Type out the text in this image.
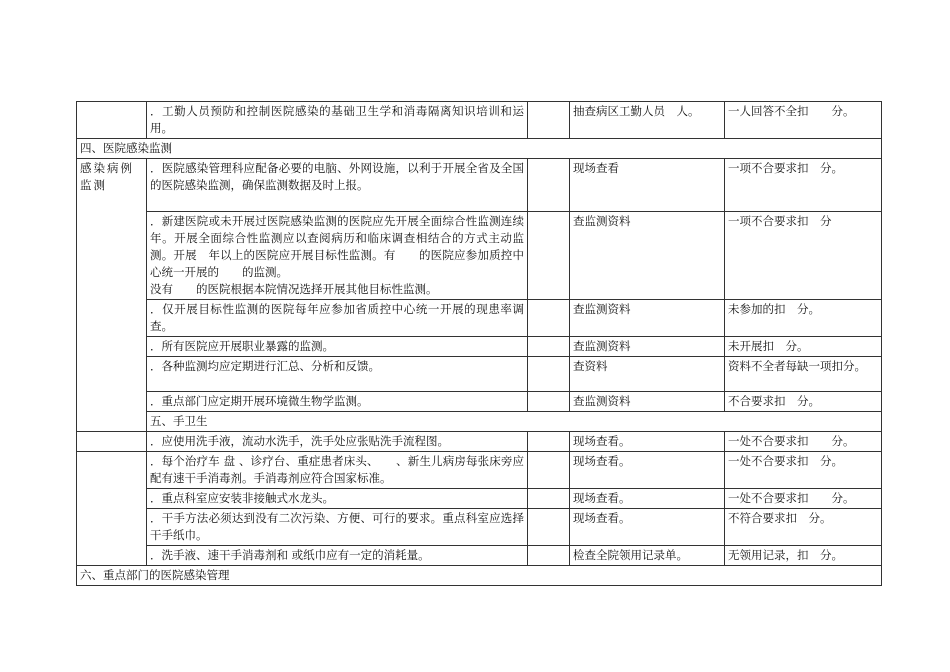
	．工勤人员预防和控制医院感染的基础卫生学和消毒隔离知识培训和运用。		抽查病区工勤人员　人。	一人回答不全扣　　分。
四、医院感染监测				
感染病例监测	．医院感染管理科应配备必要的电脑、外网设施，以利于开展全省及全国的医院感染监测，确保监测数据及时上报。		现场查看	一项不合要求扣　分。
	．新建医院或未开展过医院感染监测的医院应先开展全面综合性监测连续　年。开展全面综合性监测应以查阅病历和临床调查相结合的方式主动监测。开展　年以上的医院应开展目标性监测。有　　的医院应参加质控中心统一开展的　　的监测。
没有　　的医院根据本院情况选择开展其他目标性监测。		查监测资料	一项不合要求扣　分
	．仅开展目标性监测的医院每年应参加省质控中心统一开展的现患率调查。		查监测资料	未参加的扣　分。
	．所有医院应开展职业暴露的监测。		查监测资料	未开展扣　分。
	．各种监测均应定期进行汇总、分析和反馈。		查资料	资料不全者每缺一项扣分。
	．重点部门应定期开展环境微生物学监测。		查监测资料	不合要求扣　分。
	五、手卫生			
	．应使用洗手液，流动水洗手，洗手处应张贴洗手流程图。		现场查看。	一处不合要求扣　　分。
	．每个治疗车 盘 、诊疗台、重症患者床头、　　、新生儿病房每张床旁应配有速干手消毒剂。手消毒剂应符合国家标准。		现场查看。	一处不合要求扣　分。
	．重点科室应安装非接触式水龙头。		现场查看。	一处不合要求扣　　分。
	．干手方法必须达到没有二次污染、方便、可行的要求。重点科室应选择干手纸巾。		现场查看。	不符合要求扣　分。
	．洗手液、速干手消毒剂和 或纸巾应有一定的消耗量。		检查全院领用记录单。	无领用记录，扣　分。
六、重点部门的医院感染管理				
